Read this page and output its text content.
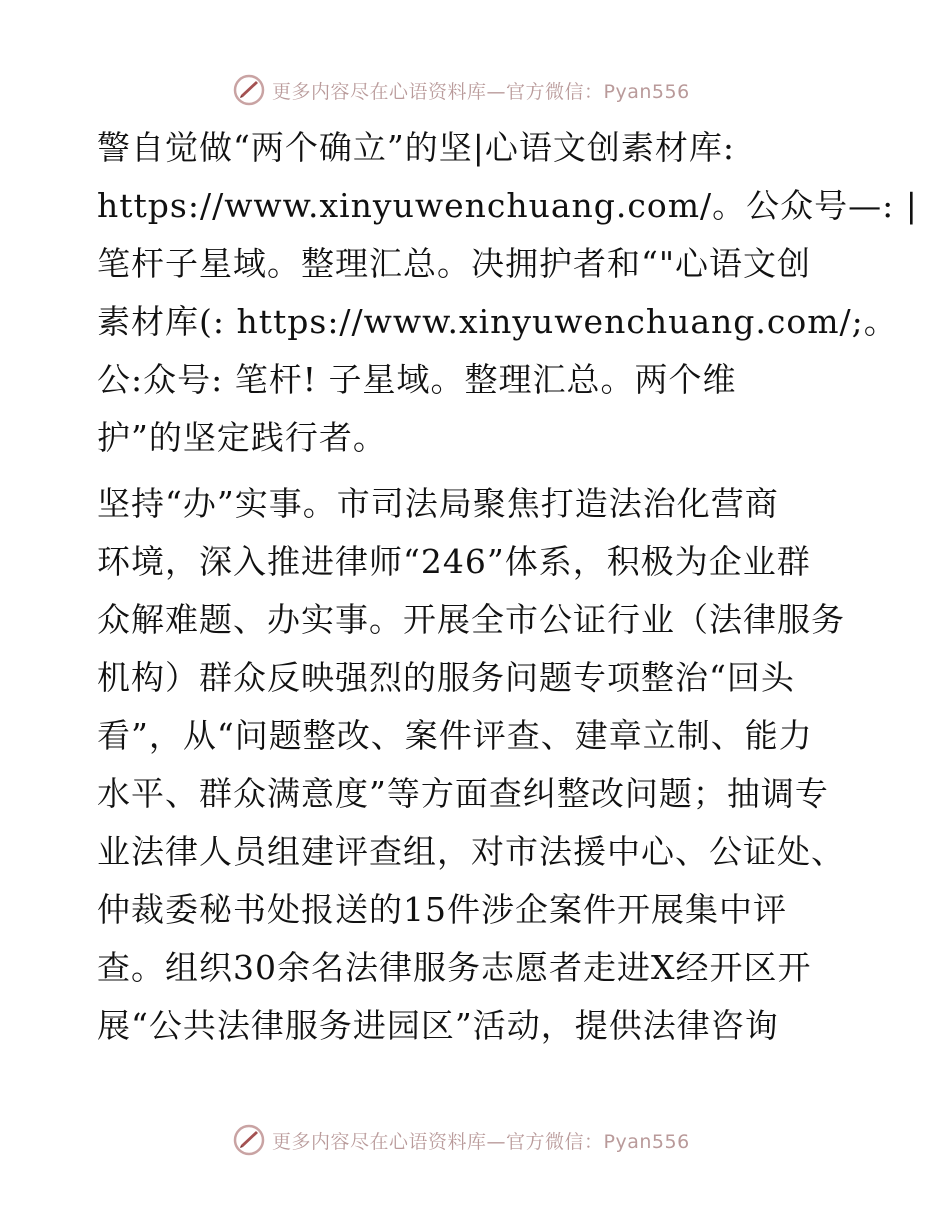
更多内容尽在心语资料库—官方微信：Pyan556
警自觉做“两个确立”的坚|心语文创素材库:
https://www.xinyuwenchuang.com/。公众号—: |
笔杆子星域。整理汇总。决拥护者和“"心语文创
素材库(: https://www.xinyuwenchuang.com/;。
公:众号: 笔杆! 子星域。整理汇总。两个维
护”的坚定践行者。
坚持“办”实事。市司法局聚焦打造法治化营商
环境，深入推进律师“246”体系，积极为企业群
众解难题、办实事。开展全市公证行业（法律服务
机构）群众反映强烈的服务问题专项整治“回头
看”，从“问题整改、案件评查、建章立制、能力
水平、群众满意度”等方面查纠整改问题；抽调专
业法律人员组建评查组，对市法援中心、公证处、
仲裁委秘书处报送的15件涉企案件开展集中评
查。组织30余名法律服务志愿者走进X经开区开
展“公共法律服务进园区”活动，提供法律咨询
更多内容尽在心语资料库—官方微信：Pyan556
